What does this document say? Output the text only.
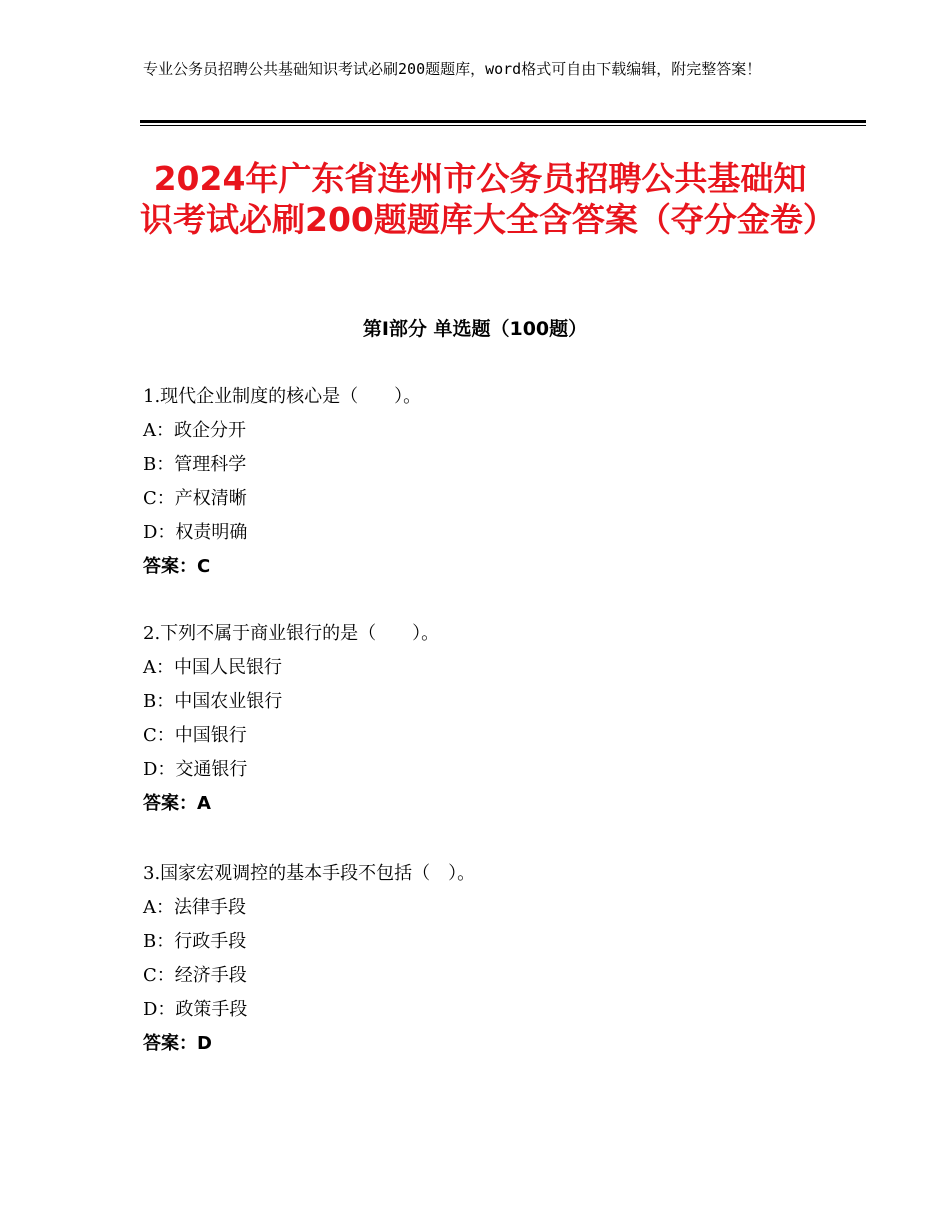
专业公务员招聘公共基础知识考试必刷200题题库，word格式可自由下载编辑，附完整答案！
2024年广东省连州市公务员招聘公共基础知识考试必刷200题题库大全含答案（夺分金卷）
第Ⅰ部分 单选题（100题）
1.现代企业制度的核心是（　　）。
A：政企分开
B：管理科学
C：产权清晰
D：权责明确
答案：C
2.下列不属于商业银行的是（　　）。
A：中国人民银行
B：中国农业银行
C：中国银行
D：交通银行
答案：A
3.国家宏观调控的基本手段不包括（　）。
A：法律手段
B：行政手段
C：经济手段
D：政策手段
答案：D
